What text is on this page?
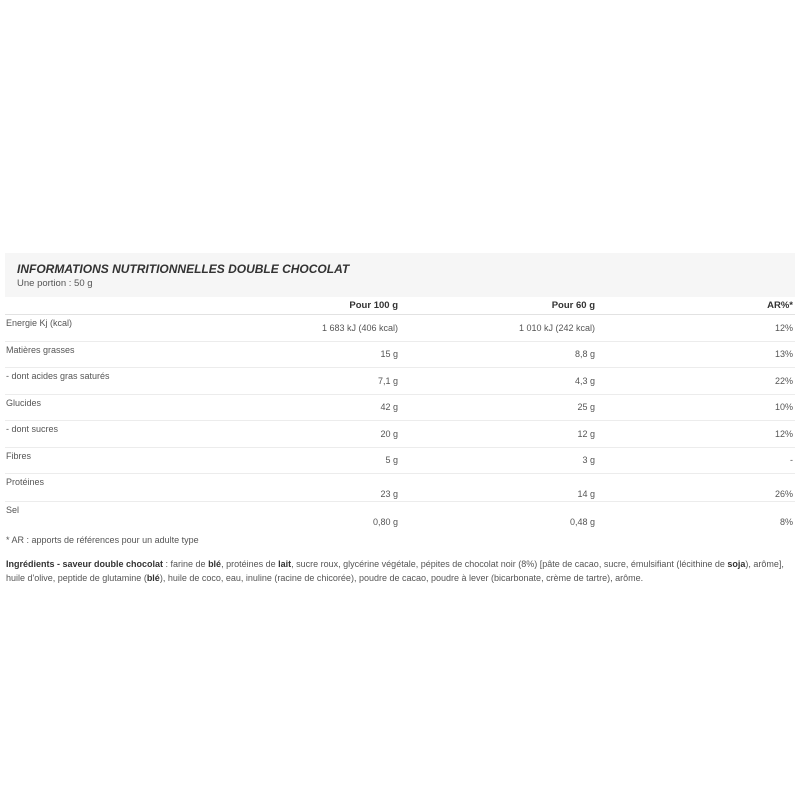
INFORMATIONS NUTRITIONNELLES DOUBLE CHOCOLAT
Une portion : 50 g
	Pour 100 g	Pour 60 g	AR%*
Energie Kj (kcal)	1 683 kJ (406 kcal)	1 010 kJ (242 kcal)	12%
Matières grasses	15 g	8,8 g	13%
- dont acides gras saturés	7,1 g	4,3 g	22%
Glucides	42 g	25 g	10%
- dont sucres	20 g	12 g	12%
Fibres	5 g	3 g	-
Protéines	23 g	14 g	26%
Sel	0,80 g	0,48 g	8%
* AR : apports de références pour un adulte type
Ingrédients - saveur double chocolat : farine de blé, protéines de lait, sucre roux, glycérine végétale, pépites de chocolat noir (8%) [pâte de cacao, sucre, émulsifiant (lécithine de soja), arôme], huile d'olive, peptide de glutamine (blé), huile de coco, eau, inuline (racine de chicorée), poudre de cacao, poudre à lever (bicarbonate, crème de tartre), arôme.
